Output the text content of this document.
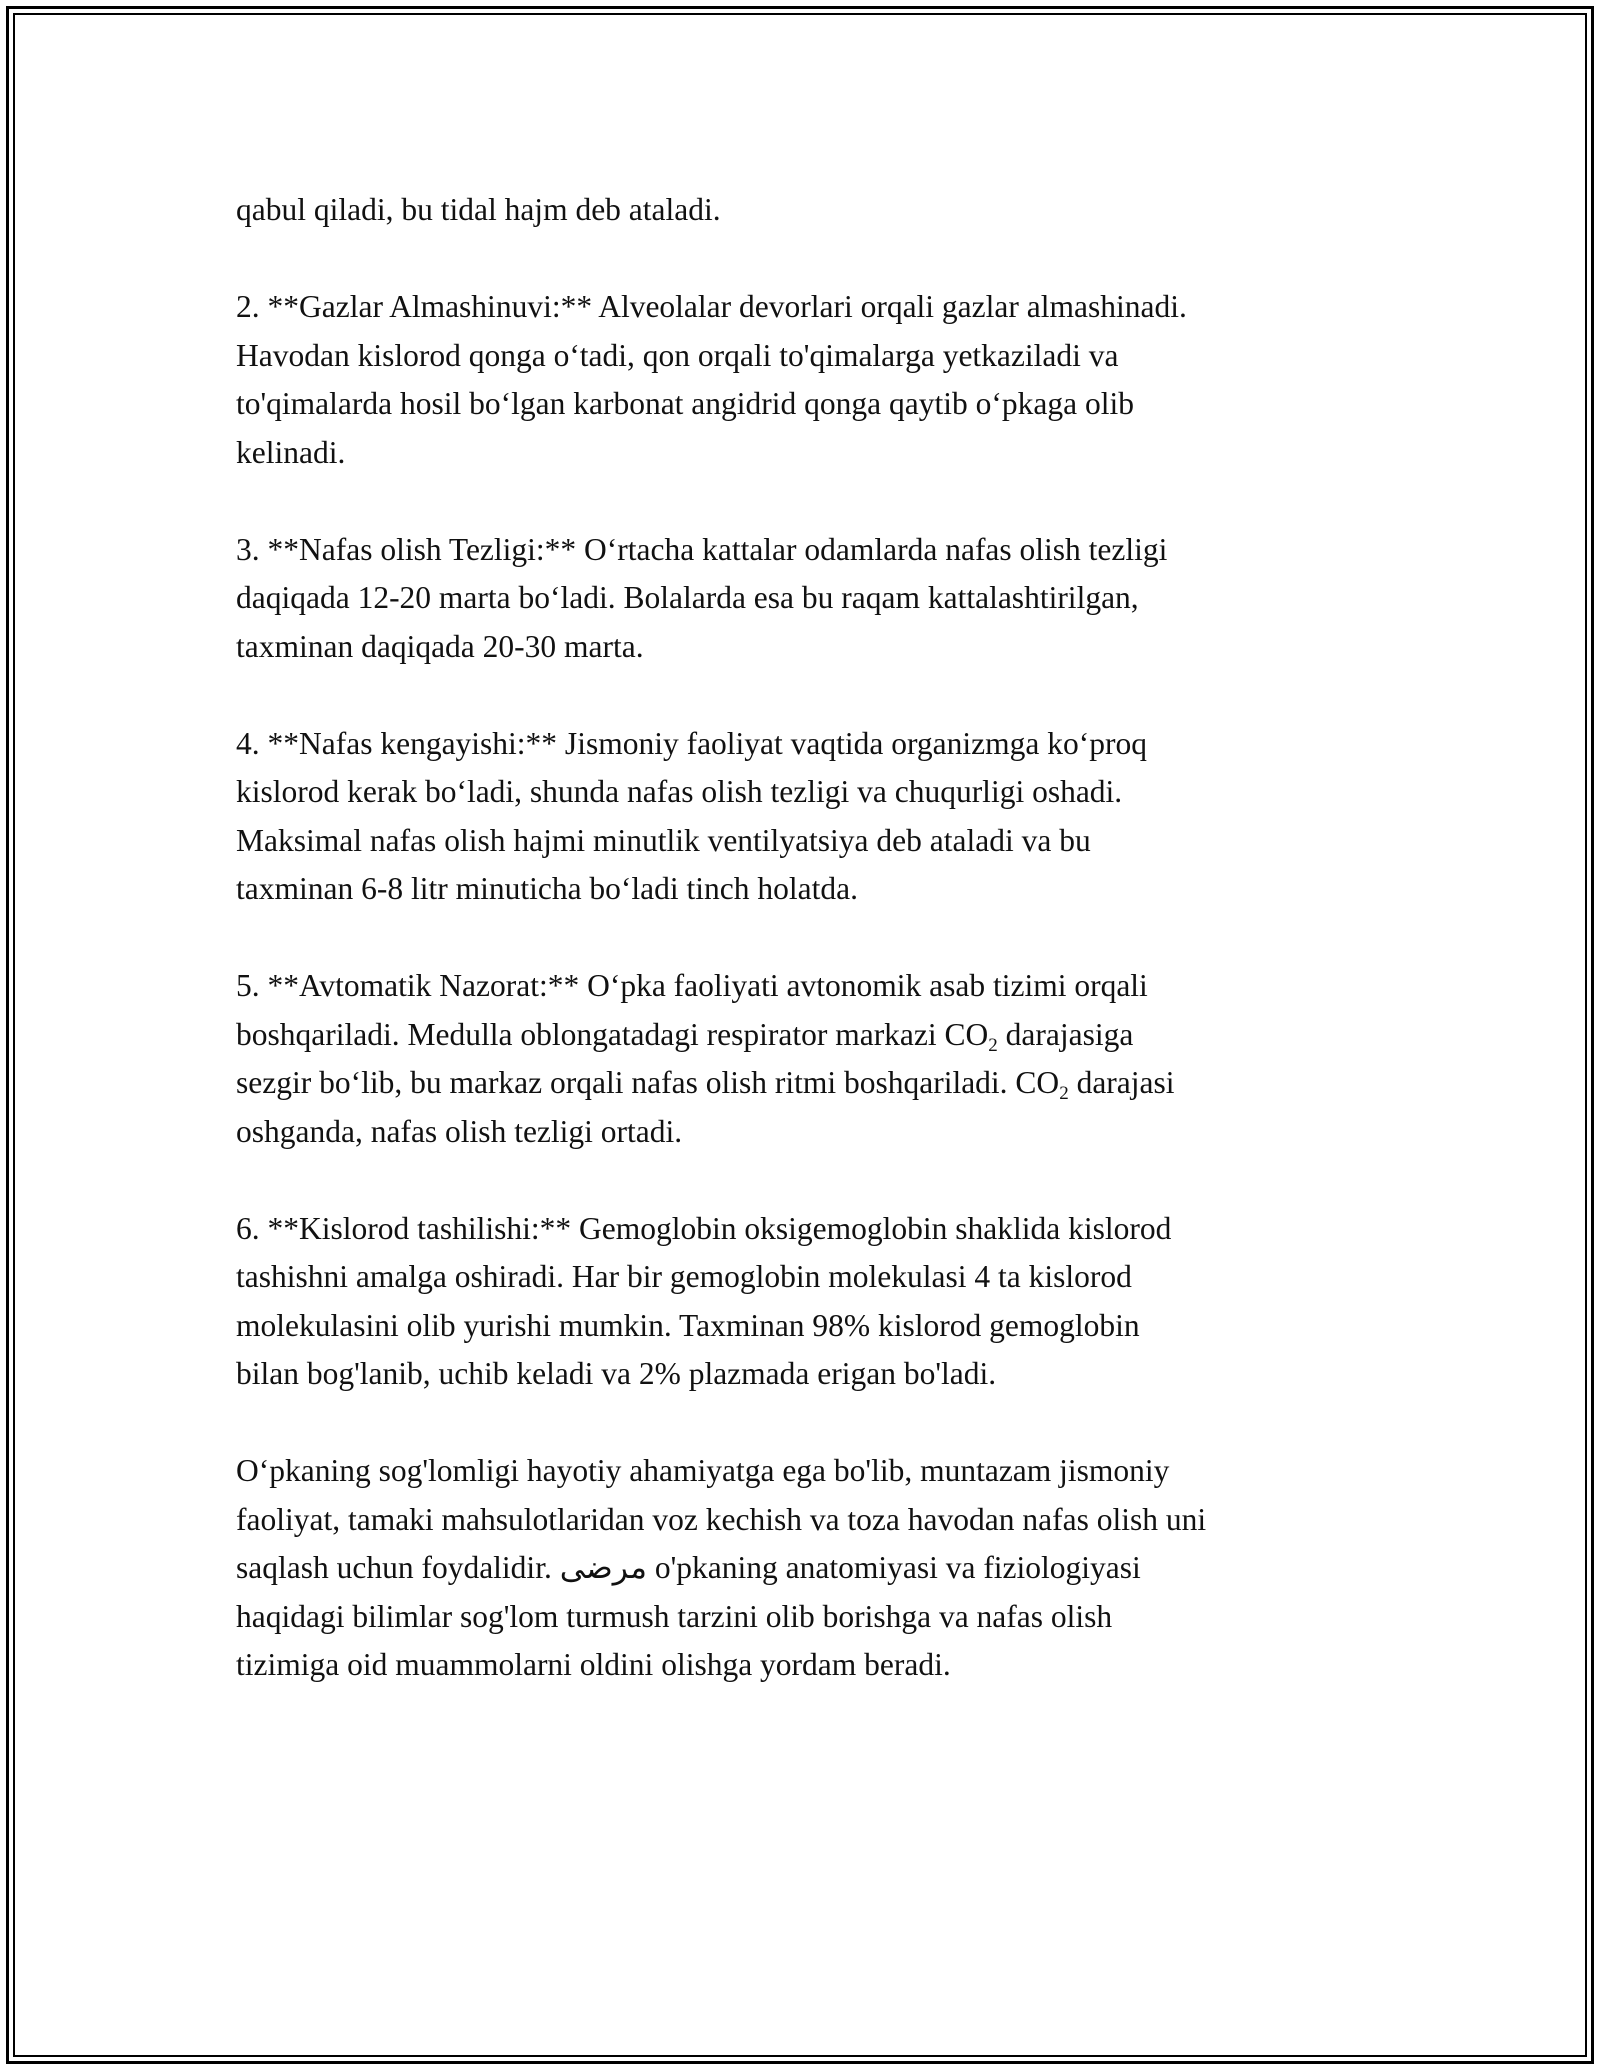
qabul qiladi, bu tidal hajm deb ataladi.

2. **Gazlar Almashinuvi:** Alveolalar devorlari orqali gazlar almashinadi.
Havodan kislorod qonga o‘tadi, qon orqali to'qimalarga yetkaziladi va
to'qimalarda hosil bo‘lgan karbonat angidrid qonga qaytib o‘pkaga olib
kelinadi.

3. **Nafas olish Tezligi:** O‘rtacha kattalar odamlarda nafas olish tezligi
daqiqada 12-20 marta bo‘ladi. Bolalarda esa bu raqam kattalashtirilgan,
taxminan daqiqada 20-30 marta.

4. **Nafas kengayishi:** Jismoniy faoliyat vaqtida organizmga ko‘proq
kislorod kerak bo‘ladi, shunda nafas olish tezligi va chuqurligi oshadi.
Maksimal nafas olish hajmi minutlik ventilyatsiya deb ataladi va bu
taxminan 6-8 litr minuticha bo‘ladi tinch holatda.

5. **Avtomatik Nazorat:** O‘pka faoliyati avtonomik asab tizimi orqali
boshqariladi. Medulla oblongatadagi respirator markazi $CO_2$ darajasiga
sezgir bo‘lib, bu markaz orqali nafas olish ritmi boshqariladi. $CO_2$ darajasi
oshganda, nafas olish tezligi ortadi.

6. **Kislorod tashilishi:** Gemoglobin oksigemoglobin shaklida kislorod
tashishni amalga oshiradi. Har bir gemoglobin molekulasi 4 ta kislorod
molekulasini olib yurishi mumkin. Taxminan 98% kislorod gemoglobin
bilan bog'lanib, uchib keladi va 2% plazmada erigan bo'ladi.

O‘pkaning sog'lomligi hayotiy ahamiyatga ega bo'lib, muntazam jismoniy
faoliyat, tamaki mahsulotlaridan voz kechish va toza havodan nafas olish uni
saqlash uchun foydalidir. مرضى o'pkaning anatomiyasi va fiziologiyasi
haqidagi bilimlar sog'lom turmush tarzini olib borishga va nafas olish
tizimiga oid muammolarni oldini olishga yordam beradi.
